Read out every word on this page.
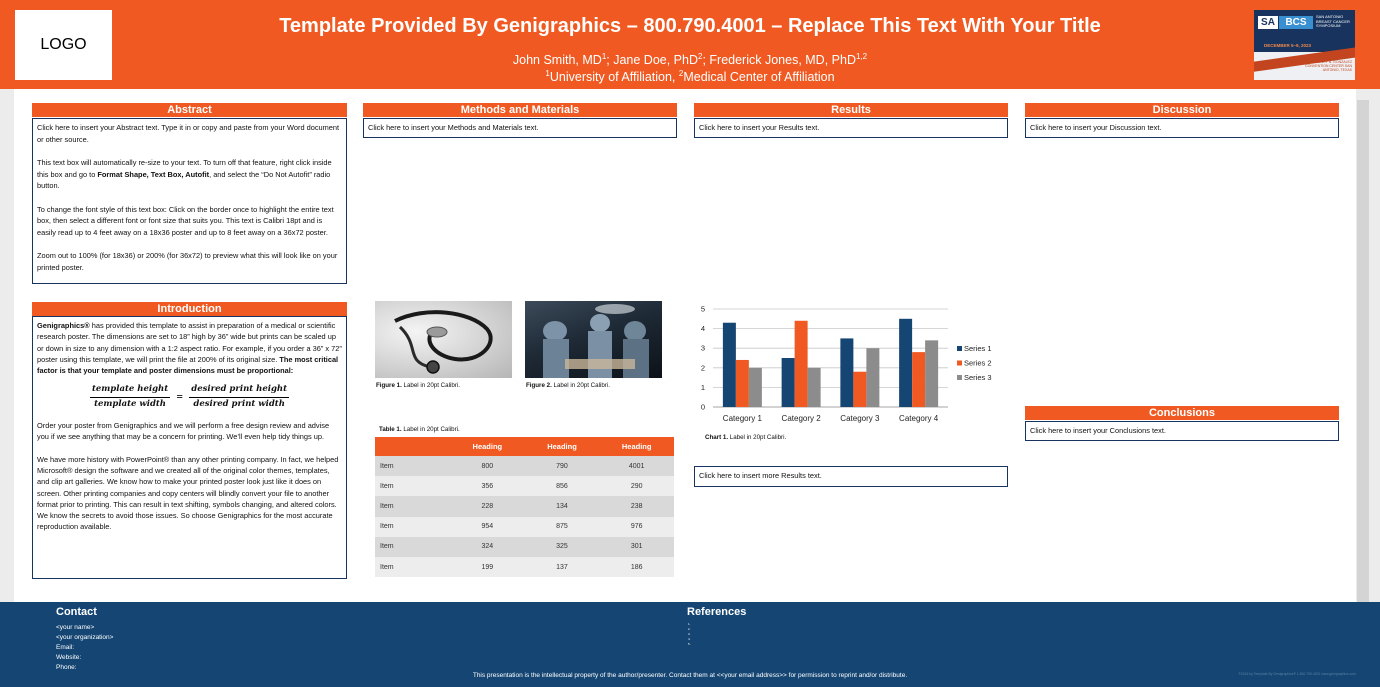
LOGO
Template Provided By Genigraphics – 800.790.4001 – Replace This Text With Your Title
John Smith, $MD^1$; Jane Doe, PhD$^2$; Frederick Jones, MD, PhD$^{1,2}$
$^1$University of Affiliation, $^2$Medical Center of Affiliation
SA	BCS
SAN ANTONIO BREAST CANCER SYMPOSIUM
DECEMBER 5–9, 2023
HENRY B. GONZALEZ CONVENTION CENTER SAN ANTONIO, TEXAS
Abstract

Click here to insert your Abstract text. Type it in or copy and paste from your Word document or other source.

This text box will automatically re-size to your text. To turn off that feature, right click inside this box and go to Format Shape, Text Box, Autofit, and select the “Do Not Autofit” radio button.

To change the font style of this text box: Click on the border once to highlight the entire text box, then select a different font or font size that suits you. This text is Calibri 18pt and is easily read up to 4 feet away on a 18x36 poster and up to 8 feet away on a 36x72 poster.

Zoom out to 100% (for 18x36) or 200% (for 36x72) to preview what this will look like on your printed poster.

Introduction

Genigraphics® has provided this template to assist in preparation of a medical or scientific research poster. The dimensions are set to 18” high by 36” wide but prints can be scaled up or down in size to any dimension with a 1:2 aspect ratio. For example, if you order a 36” x 72” poster using this template, we will print the file at 200% of its original size. The most critical factor is that your template and poster dimensions must be proportional:

$\frac{\text{template height}}{\text{template width}} = \frac{\text{desired print height}}{\text{desired print width}}$

Order your poster from Genigraphics and we will perform a free design review and advise you if we see anything that may be a concern for printing. We’ll even help tidy things up.

We have more history with PowerPoint® than any other printing company. In fact, we helped Microsoft® design the software and we created all of the original color themes, templates, and clip art galleries. We know how to make your printed poster look just like it does on screen. Other printing companies and copy centers will blindly convert your file to another format prior to printing. This can result in text shifting, symbols changing, and altered colors. We know the secrets to avoid those issues. So choose Genigraphics for the most accurate reproduction available.

Methods and Materials
Click here to insert your Methods and Materials text.
Results
Click here to insert your Results text.
Click here to insert more Results text.
Discussion
Click here to insert your Discussion text.
Conclusions
Click here to insert your Conclusions text.
Figure 1. Label in 20pt Calibri.	Figure 2. Label in 20pt Calibri.
Table 1. Label in 20pt Calibri.
	Heading	Heading	Heading
Item	800	790	4001
Item	356	856	290
Item	228	134	238
Item	954	875	976
Item	324	325	301
Item	199	137	186
0
1
2
3
4
5
Category 1 Category 2 Category 3 Category 4
Series 1
Series 2
Series 3
Chart 1. Label in 20pt Calibri.
Contact
<your name>
<your organization>
Email:
Website:
Phone:
References
1.
2.
3.
4.
5.
This presentation is the intellectual property of the author/presenter. Contact them at <<your email address>> for permission to reprint and/or distribute.	©2016 by Template By Genigraphics® 1.800.790.4001 www.genigraphics.com
